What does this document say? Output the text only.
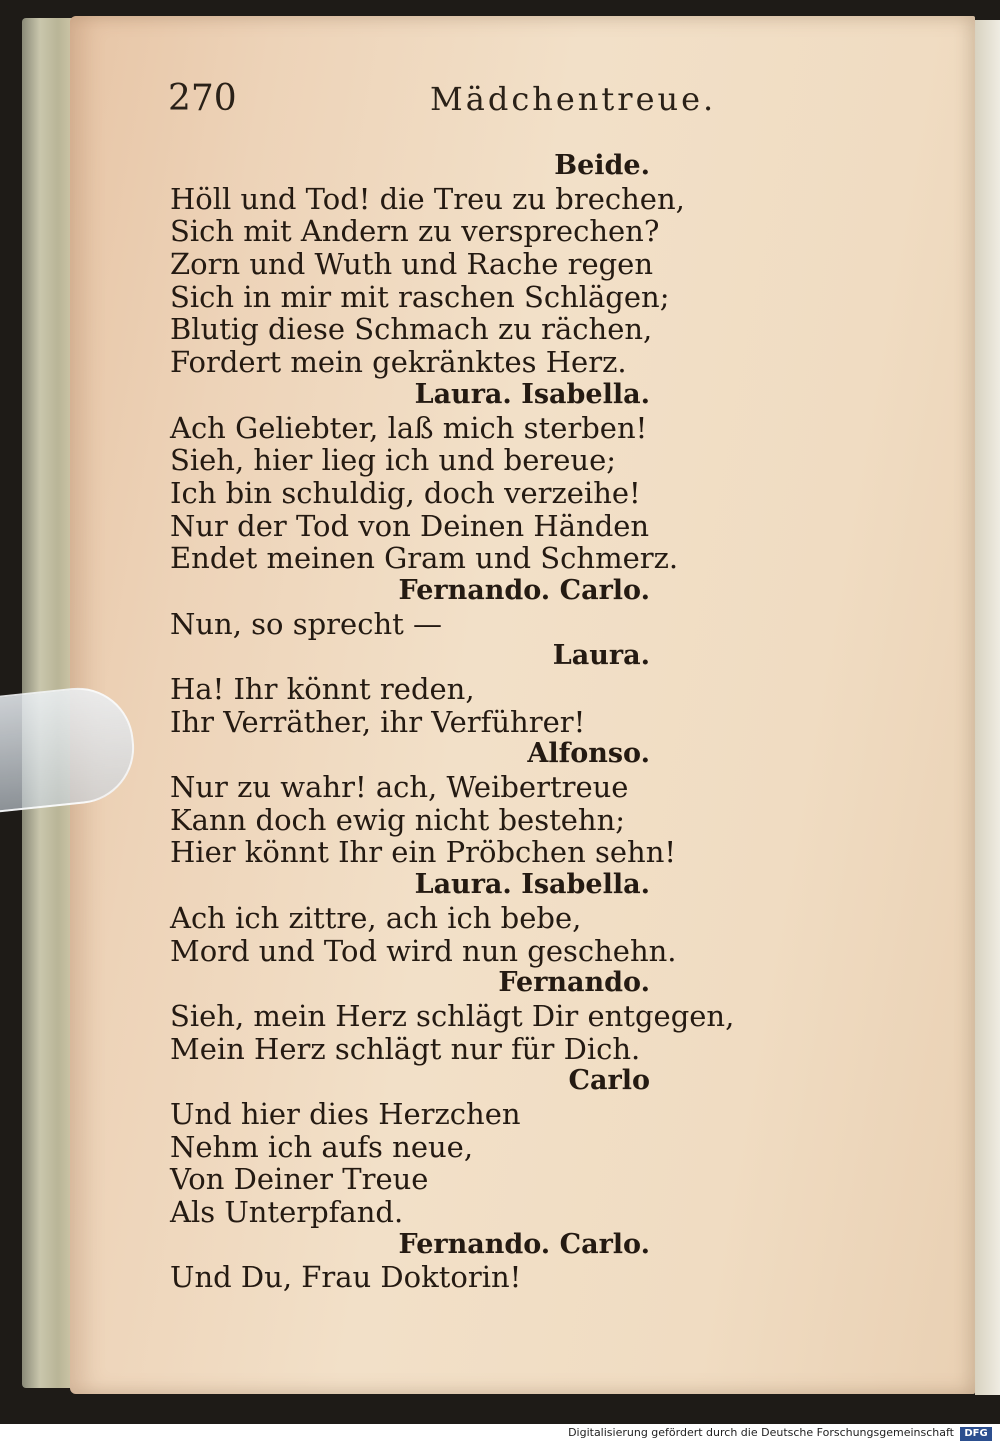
270	Mädchentreue.
Beide.
Höll und Tod! die Treu zu brechen,
Sich mit Andern zu versprechen?
Zorn und Wuth und Rache regen
Sich in mir mit raschen Schlägen;
Blutig diese Schmach zu rächen,
Fordert mein gekränktes Herz.
Laura. Isabella.
Ach Geliebter, laß mich sterben!
Sieh, hier lieg ich und bereue;
Ich bin schuldig, doch verzeihe!
Nur der Tod von Deinen Händen
Endet meinen Gram und Schmerz.
Fernando. Carlo.
Nun, so sprecht —
Laura.
Ha! Ihr könnt reden,
Ihr Verräther, ihr Verführer!
Alfonso.
Nur zu wahr! ach, Weibertreue
Kann doch ewig nicht bestehn;
Hier könnt Ihr ein Pröbchen sehn!
Laura. Isabella.
Ach ich zittre, ach ich bebe,
Mord und Tod wird nun geschehn.
Fernando.
Sieh, mein Herz schlägt Dir entgegen,
Mein Herz schlägt nur für Dich.
Carlo
Und hier dies Herzchen
Nehm ich aufs neue,
Von Deiner Treue
Als Unterpfand.
Fernando. Carlo.
Und Du, Frau Doktorin!
Digitalisierung gefördert durch die Deutsche Forschungsgemeinschaft	DFG
